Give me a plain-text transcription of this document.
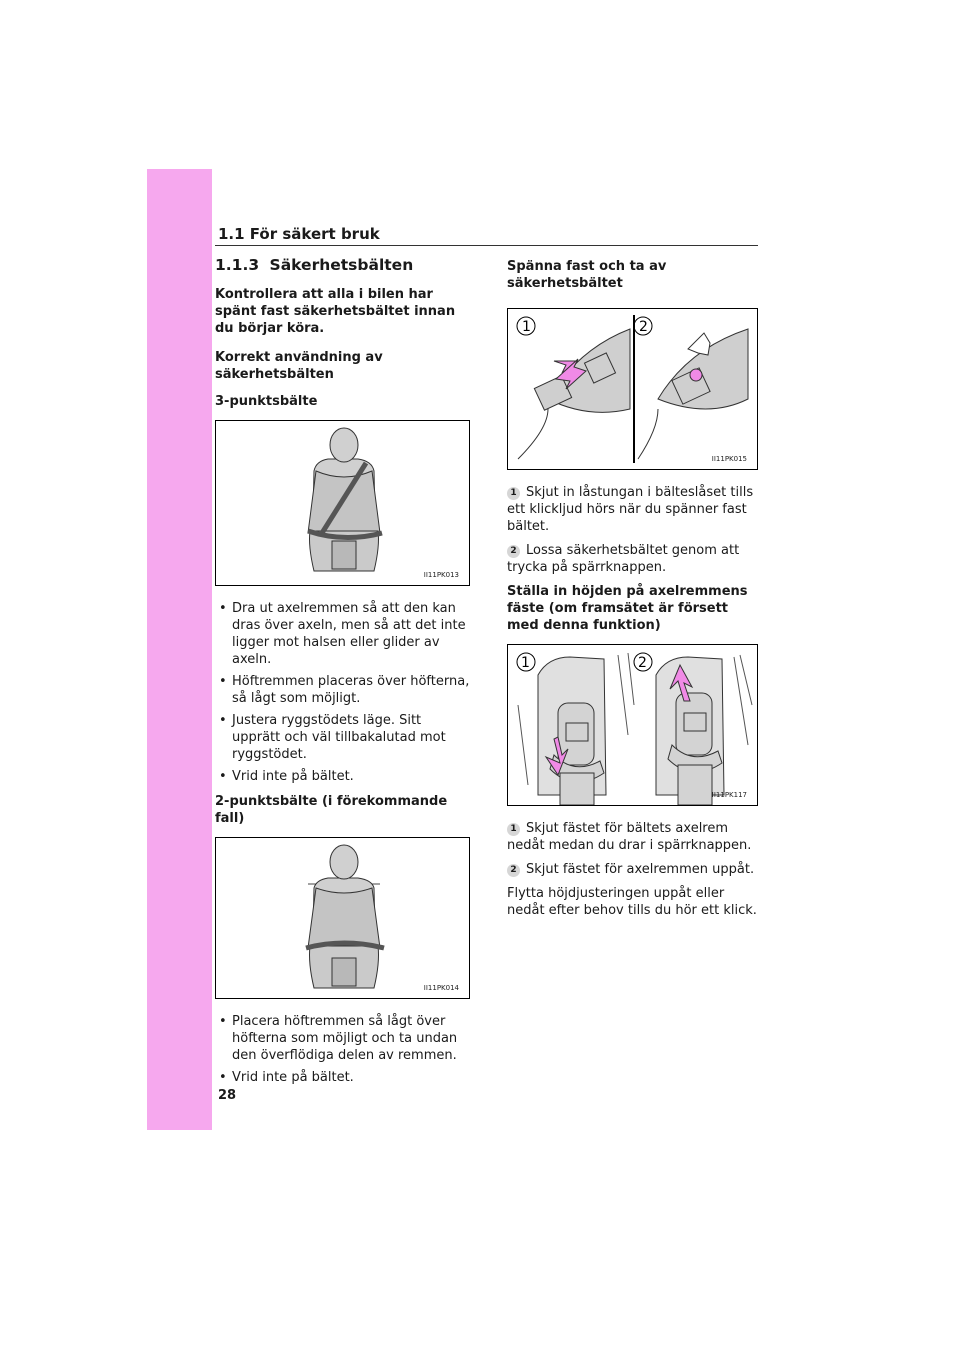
1.1 För säkert bruk
1.1.3 Säkerhetsbälten
Kontrollera att alla i bilen har spänt fast säkerhetsbältet innan du börjar köra.
Korrekt användning av säkerhetsbälten
3-punktsbälte
II11PK013
• Dra ut axelremmen så att den kan dras över axeln, men så att det inte ligger mot halsen eller glider av axeln.
• Höftremmen placeras över höfterna, så lågt som möjligt.
• Justera ryggstödets läge. Sitt upprätt och väl tillbakalutad mot ryggstödet.
• Vrid inte på bältet.
2-punktsbälte (i förekommande fall)
II11PK014
• Placera höftremmen så lågt över höfterna som möjligt och ta undan den överflödiga delen av remmen.
• Vrid inte på bältet.
Spänna fast och ta av säkerhetsbältet
1	2
II11PK015
1 Skjut in låstungan i bälteslåset tills ett klickljud hörs när du spänner fast bältet.
2 Lossa säkerhetsbältet genom att trycka på spärrknappen.
Ställa in höjden på axelremmens fäste (om framsätet är försett med denna funktion)
1	2
II11PK117
1 Skjut fästet för bältets axelrem nedåt medan du drar i spärrknappen.
2 Skjut fästet för axelremmen uppåt.

Flytta höjdjusteringen uppåt eller nedåt efter behov tills du hör ett klick.

28
